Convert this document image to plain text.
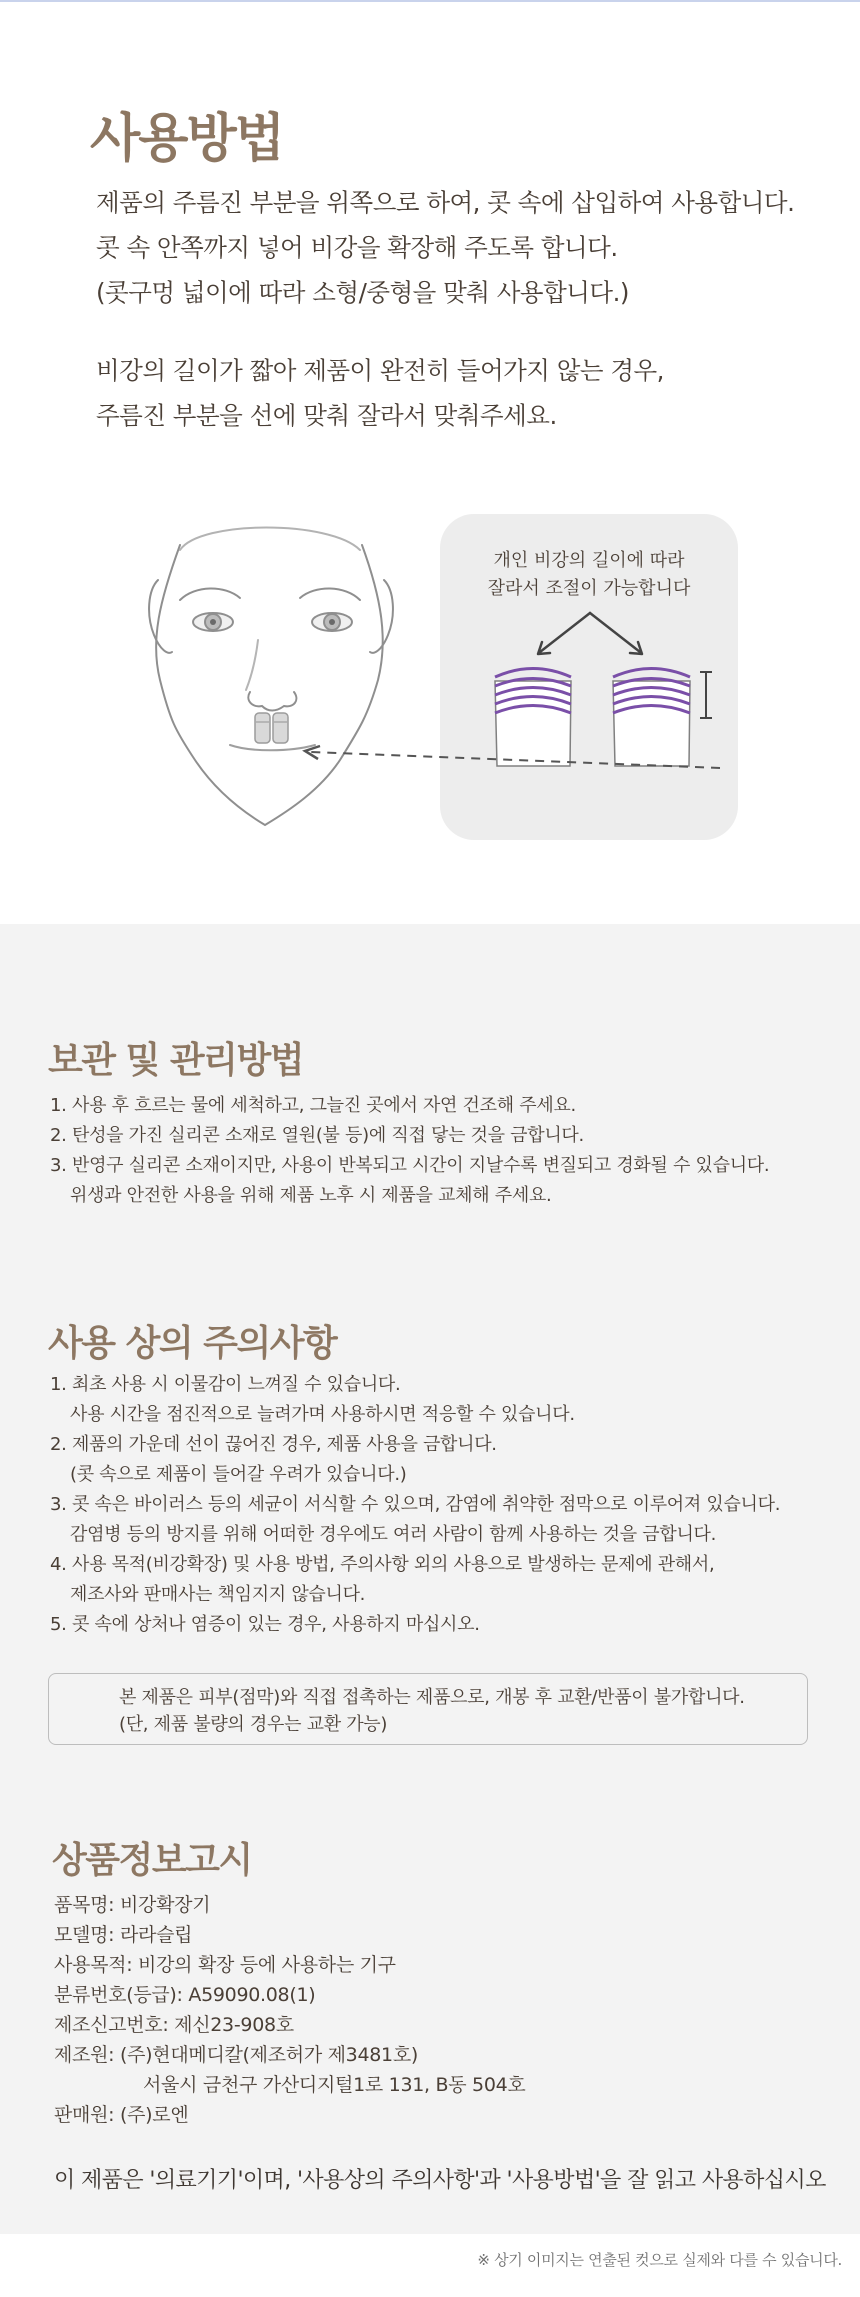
사용방법

제품의 주름진 부분을 위쪽으로 하여, 콧 속에 삽입하여 사용합니다.

콧 속 안쪽까지 넣어 비강을 확장해 주도록 합니다.

(콧구멍 넓이에 따라 소형/중형을 맞춰 사용합니다.)

비강의 길이가 짧아 제품이 완전히 들어가지 않는 경우,

주름진 부분을 선에 맞춰 잘라서 맞춰주세요.

개인 비강의 길이에 따라
잘라서 조절이 가능합니다
보관 및 관리방법
1. 사용 후 흐르는 물에 세척하고, 그늘진 곳에서 자연 건조해 주세요.
2. 탄성을 가진 실리콘 소재로 열원(불 등)에 직접 닿는 것을 금합니다.
3. 반영구 실리콘 소재이지만, 사용이 반복되고 시간이 지날수록 변질되고 경화될 수 있습니다.
위생과 안전한 사용을 위해 제품 노후 시 제품을 교체해 주세요.
사용 상의 주의사항
1. 최초 사용 시 이물감이 느껴질 수 있습니다.
사용 시간을 점진적으로 늘려가며 사용하시면 적응할 수 있습니다.
2. 제품의 가운데 선이 끊어진 경우, 제품 사용을 금합니다.
(콧 속으로 제품이 들어갈 우려가 있습니다.)
3. 콧 속은 바이러스 등의 세균이 서식할 수 있으며, 감염에 취약한 점막으로 이루어져 있습니다.
감염병 등의 방지를 위해 어떠한 경우에도 여러 사람이 함께 사용하는 것을 금합니다.
4. 사용 목적(비강확장) 및 사용 방법, 주의사항 외의 사용으로 발생하는 문제에 관해서,
제조사와 판매사는 책임지지 않습니다.
5. 콧 속에 상처나 염증이 있는 경우, 사용하지 마십시오.
본 제품은 피부(점막)와 직접 접촉하는 제품으로, 개봉 후 교환/반품이 불가합니다.
(단, 제품 불량의 경우는 교환 가능)
상품정보고시
품목명: 비강확장기
모델명: 라라슬립
사용목적: 비강의 확장 등에 사용하는 기구
분류번호(등급): A59090.08(1)
제조신고번호: 제신23-908호
제조원: (주)현대메디칼(제조허가 제3481호)
서울시 금천구 가산디지털1로 131, B동 504호
판매원: (주)로엔

이 제품은 '의료기기'이며, '사용상의 주의사항'과 '사용방법'을 잘 읽고 사용하십시오

※ 상기 이미지는 연출된 컷으로 실제와 다를 수 있습니다.
